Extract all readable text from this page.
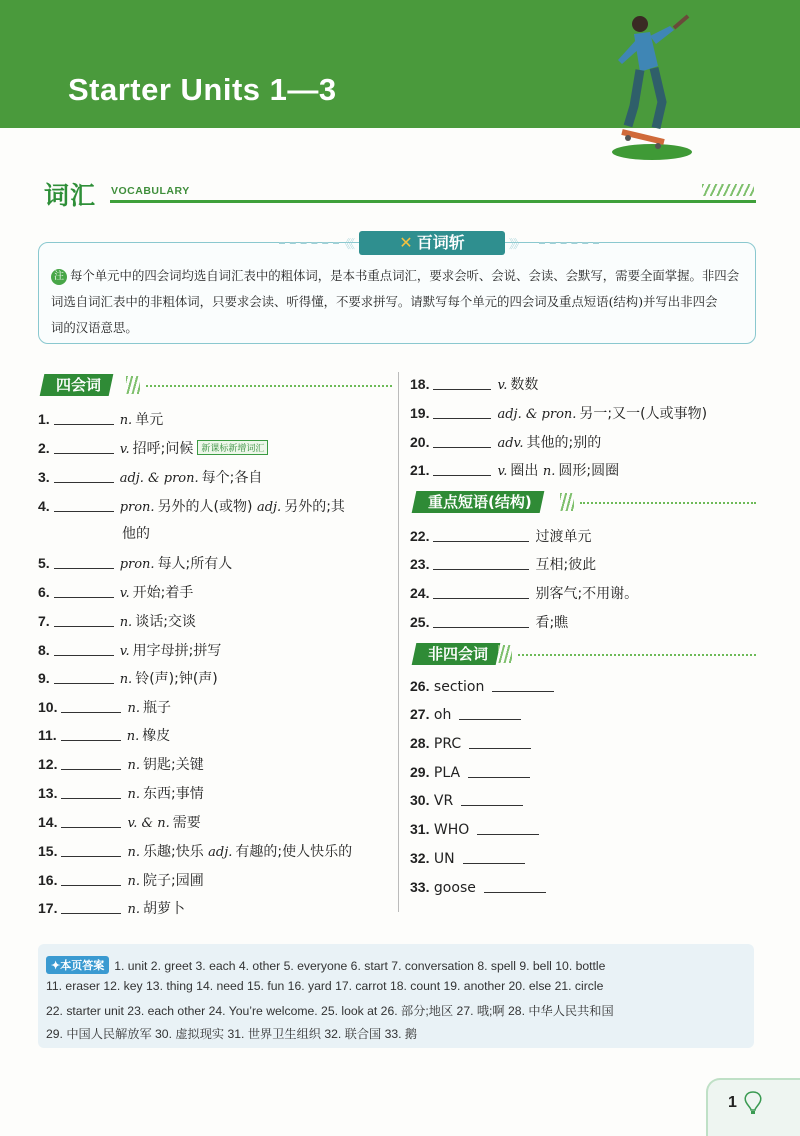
Starter Units 1—3
词汇 VOCABULARY
《《	✕ 百词斩	》》
注 每个单元中的四会词均选自词汇表中的粗体词，是本书重点词汇，要求会听、会说、会读、会默写，需要全面掌握。非四会
词选自词汇表中的非粗体词，只要求会读、听得懂，不要求拼写。请默写每个单元的四会词及重点短语(结构)并写出非四会
词的汉语意思。
四会词
1.	n. 单元
2.	v. 招呼;问候 新课标新增词汇
3.	adj. & pron. 每个;各自
4.	pron. 另外的人(或物) adj. 另外的;其
他的
5.	pron. 每人;所有人
6.	v. 开始;着手
7.	n. 谈话;交谈
8.	v. 用字母拼;拼写
9.	n. 铃(声);钟(声)
10.	n. 瓶子
11.	n. 橡皮
12.	n. 钥匙;关键
13.	n. 东西;事情
14.	v. & n. 需要
15.	n. 乐趣;快乐 adj. 有趣的;使人快乐的
16.	n. 院子;园圃
17.	n. 胡萝卜
18.	v. 数数
19.	adj. & pron. 另一;又一(人或事物)
20.	adv. 其他的;别的
21.	v. 圈出 n. 圆形;圆圈
重点短语(结构)
22.	过渡单元
23.	互相;彼此
24.	别客气;不用谢。
25.	看;瞧
非四会词
26. section
27. oh
28. PRC
29. PLA
30. VR
31. WHO
32. UN
33. goose
✦本页答案 1. unit 2. greet 3. each 4. other 5. everyone 6. start 7. conversation 8. spell 9. bell 10. bottle
11. eraser 12. key 13. thing 14. need 15. fun 16. yard 17. carrot 18. count 19. another 20. else 21. circle
22. starter unit 23. each other 24. You’re welcome. 25. look at 26. 部分;地区 27. 哦;啊 28. 中华人民共和国
29. 中国人民解放军 30. 虚拟现实 31. 世界卫生组织 32. 联合国 33. 鹅
1
